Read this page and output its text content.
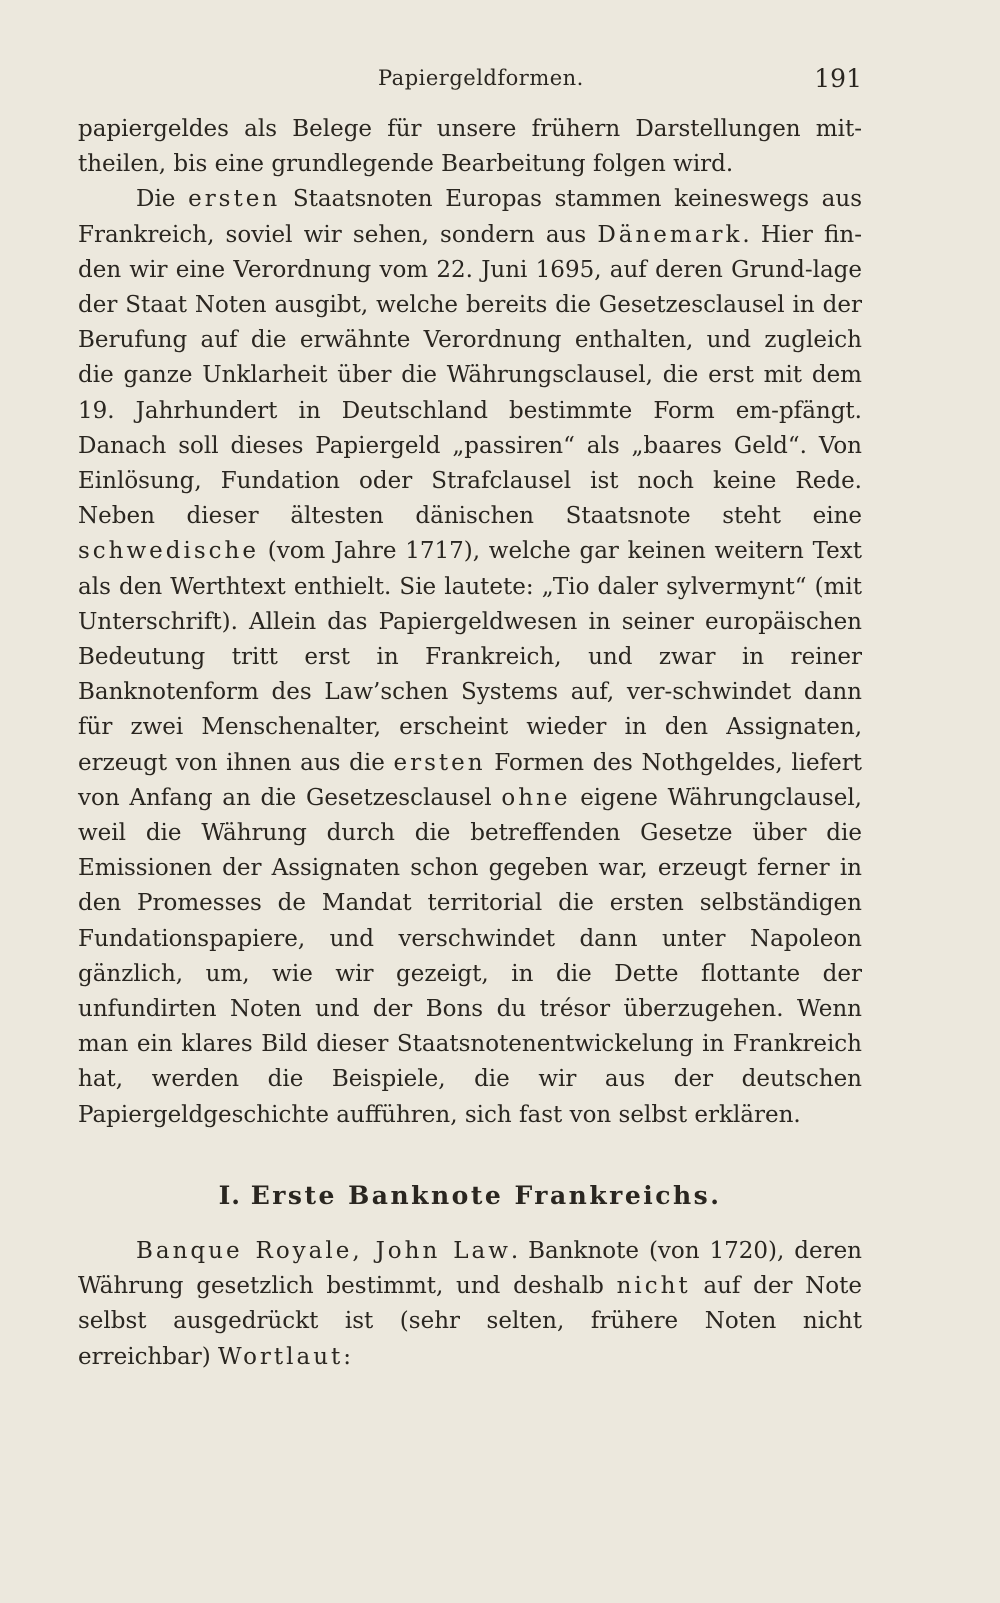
Papiergeldformen.	191

papiergeldes als Belege für unsere frühern Darstellungen mit-theilen, bis eine grundlegende Bearbeitung folgen wird.

Die ersten Staatsnoten Europas stammen keineswegs aus Frankreich, soviel wir sehen, sondern aus Dänemark. Hier fin-den wir eine Verordnung vom 22. Juni 1695, auf deren Grund-lage der Staat Noten ausgibt, welche bereits die Gesetzesclausel in der Berufung auf die erwähnte Verordnung enthalten, und zugleich die ganze Unklarheit über die Währungsclausel, die erst mit dem 19. Jahrhundert in Deutschland bestimmte Form em-pfängt. Danach soll dieses Papiergeld „passiren“ als „baares Geld“. Von Einlösung, Fundation oder Strafclausel ist noch keine Rede. Neben dieser ältesten dänischen Staatsnote steht eine schwedische (vom Jahre 1717), welche gar keinen weitern Text als den Werthtext enthielt. Sie lautete: „Tio daler sylvermynt“ (mit Unterschrift). Allein das Papiergeldwesen in seiner europäischen Bedeutung tritt erst in Frankreich, und zwar in reiner Banknotenform des Law’schen Systems auf, ver-schwindet dann für zwei Menschenalter, erscheint wieder in den Assignaten, erzeugt von ihnen aus die ersten Formen des Nothgeldes, liefert von Anfang an die Gesetzesclausel ohne eigene Währungclausel, weil die Währung durch die betreffenden Gesetze über die Emissionen der Assignaten schon gegeben war, erzeugt ferner in den Promesses de Mandat territorial die ersten selbständigen Fundationspapiere, und verschwindet dann unter Napoleon gänzlich, um, wie wir gezeigt, in die Dette flottante der unfundirten Noten und der Bons du trésor überzugehen. Wenn man ein klares Bild dieser Staatsnotenentwickelung in Frankreich hat, werden die Beispiele, die wir aus der deutschen Papiergeldgeschichte aufführen, sich fast von selbst erklären.

I. Erste Banknote Frankreichs.

Banque Royale, John Law. Banknote (von 1720), deren Währung gesetzlich bestimmt, und deshalb nicht auf der Note selbst ausgedrückt ist (sehr selten, frühere Noten nicht erreichbar) Wortlaut:
